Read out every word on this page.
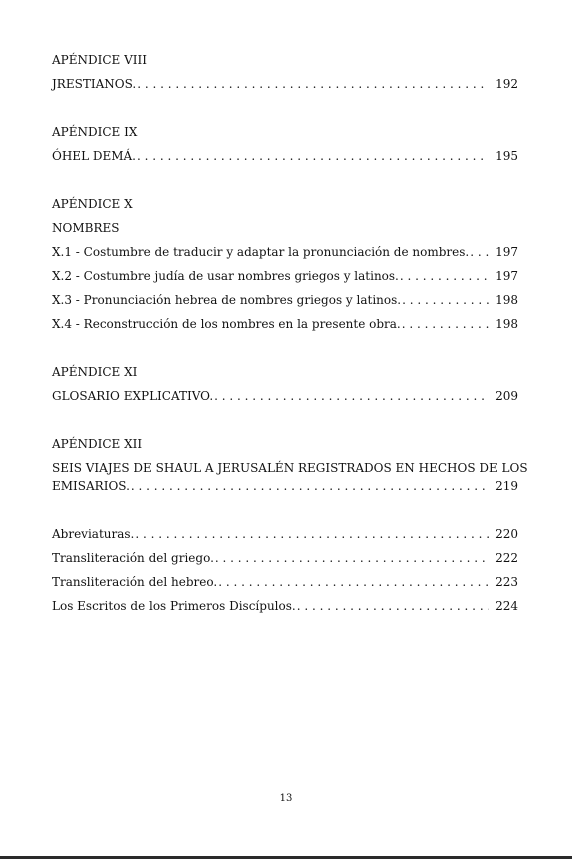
APÉNDICE VIII
JRESTIANOS. . . .	192
APÉNDICE IX
ÓHEL DEMÁ. . . .	195
APÉNDICE X
NOMBRES
X.1 - Costumbre de traducir y adaptar la pronunciación de nombres. . . . 197
X.2 - Costumbre judía de usar nombres griegos y latinos. . . .	197
X.3 - Pronunciación hebrea de nombres griegos y latinos. . . .	198
X.4 - Reconstrucción de los nombres en la presente obra. . . .	198
APÉNDICE XI
GLOSARIO EXPLICATIVO. . . .	209
APÉNDICE XII
SEIS VIAJES DE SHAUL A JERUSALÉN REGISTRADOS EN HECHOS DE LOS
EMISARIOS. . . .	219
Abreviaturas. . . .	220
Transliteración del griego. . . .	222
Transliteración del hebreo. . . .	223
Los Escritos de los Primeros Discípulos. . . .	224
13
